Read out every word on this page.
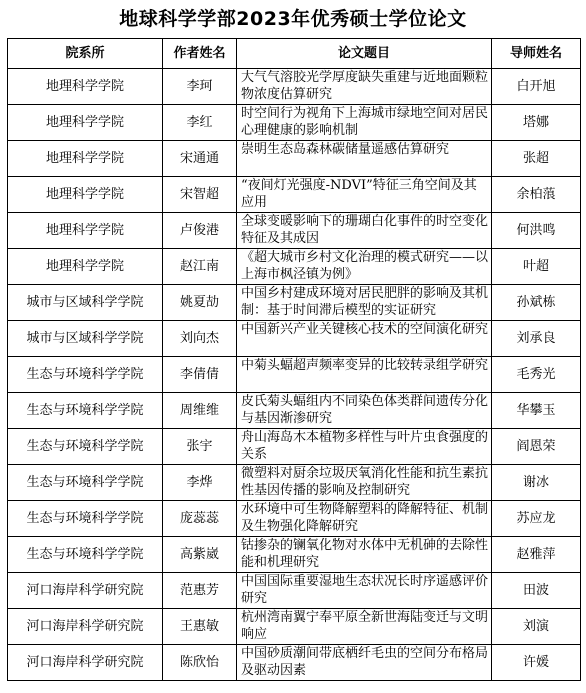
地球科学学部2023年优秀硕士学位论文
院系所	作者姓名	论文题目	导师姓名
地理科学学院	李珂	大气气溶胶光学厚度缺失重建与近地面颗粒物浓度估算研究	白开旭
地理科学学院	李红	时空间行为视角下上海城市绿地空间对居民心理健康的影响机制	塔娜
地理科学学院	宋通通	崇明生态岛森林碳储量遥感估算研究	张超
地理科学学院	宋智超	“夜间灯光强度-NDVI”特征三角空间及其应用	余柏蒗
地理科学学院	卢俊港	全球变暖影响下的珊瑚白化事件的时空变化特征及其成因	何洪鸣
地理科学学院	赵江南	《超大城市乡村文化治理的模式研究——以上海市枫泾镇为例》	叶超
城市与区域科学学院	姚夏劼	中国乡村建成环境对居民肥胖的影响及其机制：基于时间滞后模型的实证研究	孙斌栋
城市与区域科学学院	刘向杰	中国新兴产业关键核心技术的空间演化研究	刘承良
生态与环境科学学院	李倩倩	中菊头蝠超声频率变异的比较转录组学研究	毛秀光
生态与环境科学学院	周维维	皮氏菊头蝠组内不同染色体类群间遗传分化与基因渐渗研究	华攀玉
生态与环境科学学院	张宇	舟山海岛木本植物多样性与叶片虫食强度的关系	阎恩荣
生态与环境科学学院	李烨	微塑料对厨余垃圾厌氧消化性能和抗生素抗性基因传播的影响及控制研究	谢冰
生态与环境科学学院	庞蕊蕊	水环境中可生物降解塑料的降解特征、机制及生物强化降解研究	苏应龙
生态与环境科学学院	高紫崴	钴掺杂的镧氧化物对水体中无机砷的去除性能和机理研究	赵雅萍
河口海岸科学研究院	范惠芳	中国国际重要湿地生态状况长时序遥感评价研究	田波
河口海岸科学研究院	王惠敏	杭州湾南翼宁奉平原全新世海陆变迁与文明响应	刘演
河口海岸科学研究院	陈欣怡	中国砂质潮间带底栖纤毛虫的空间分布格局及驱动因素	许媛
